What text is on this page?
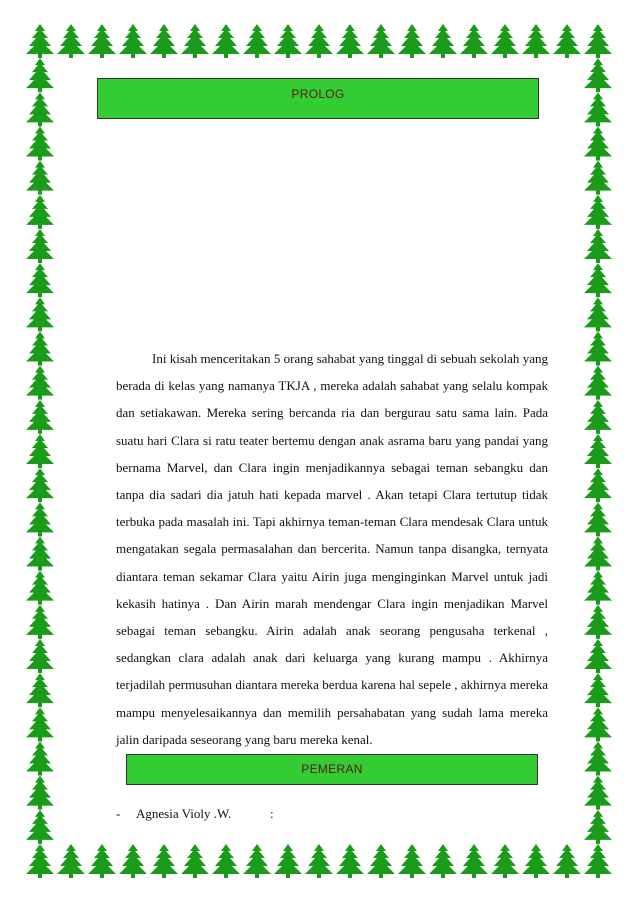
PROLOG

Ini kisah menceritakan 5 orang sahabat yang tinggal di sebuah sekolah yang berada di kelas yang namanya TKJA , mereka adalah sahabat yang selalu kompak dan setiakawan. Mereka sering bercanda ria dan bergurau satu sama lain. Pada suatu hari Clara si ratu teater bertemu dengan anak asrama baru yang pandai yang bernama Marvel, dan Clara ingin menjadikannya sebagai teman sebangku dan tanpa dia sadari dia jatuh hati kepada marvel . Akan tetapi Clara tertutup tidak terbuka pada masalah ini. Tapi akhirnya teman-teman Clara mendesak Clara untuk mengatakan segala permasalahan dan bercerita. Namun tanpa disangka, ternyata diantara teman sekamar Clara yaitu Airin juga menginginkan Marvel untuk jadi kekasih hatinya . Dan Airin marah mendengar Clara ingin menjadikan Marvel sebagai teman sebangku. Airin adalah anak seorang pengusaha terkenal , sedangkan clara adalah anak dari keluarga yang kurang mampu . Akhirnya terjadilah permusuhan diantara mereka berdua karena hal sepele , akhirnya mereka mampu menyelesaikannya dan memilih persahabatan yang sudah lama mereka jalin daripada seseorang yang baru mereka kenal.

PEMERAN
- Agnesia Violy .W.	:
